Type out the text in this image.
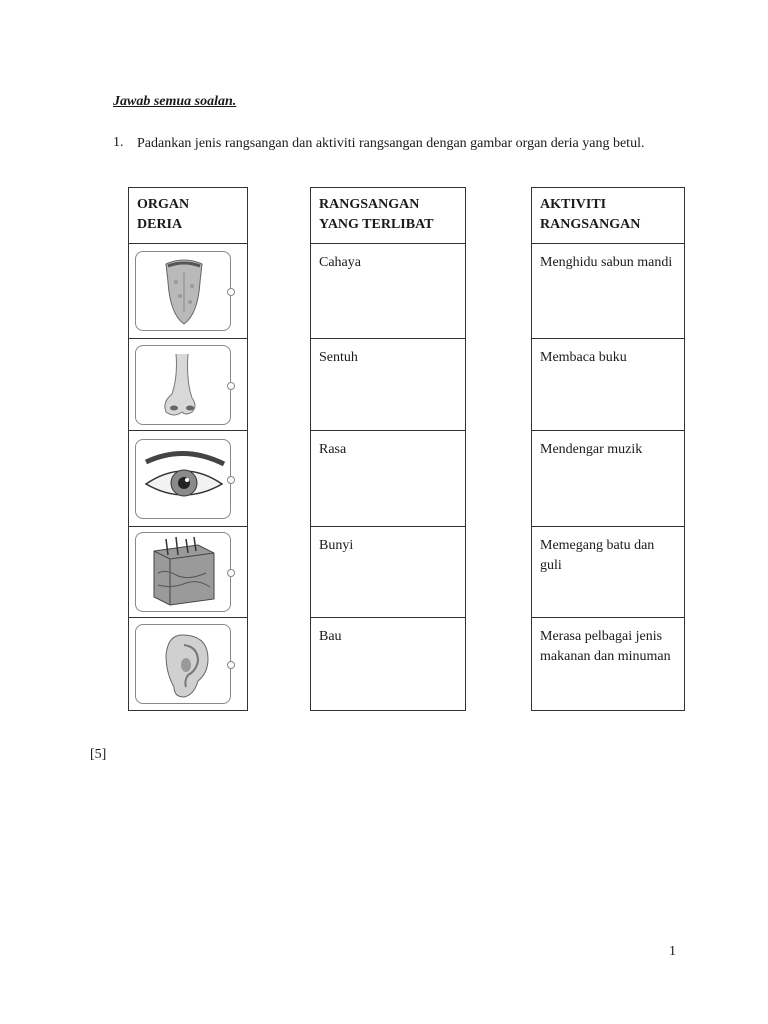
Jawab semua soalan.
1. Padankan jenis rangsangan dan aktiviti rangsangan dengan gambar organ deria yang betul.
ORGAN
DERIA
RANGSANGAN
YANG TERLIBAT
Cahaya
Sentuh
Rasa
Bunyi
Bau
AKTIVITI
RANGSANGAN
Menghidu sabun mandi
Membaca buku
Mendengar muzik
Memegang batu dan guli
Merasa pelbagai jenis makanan dan minuman
[5]
1
